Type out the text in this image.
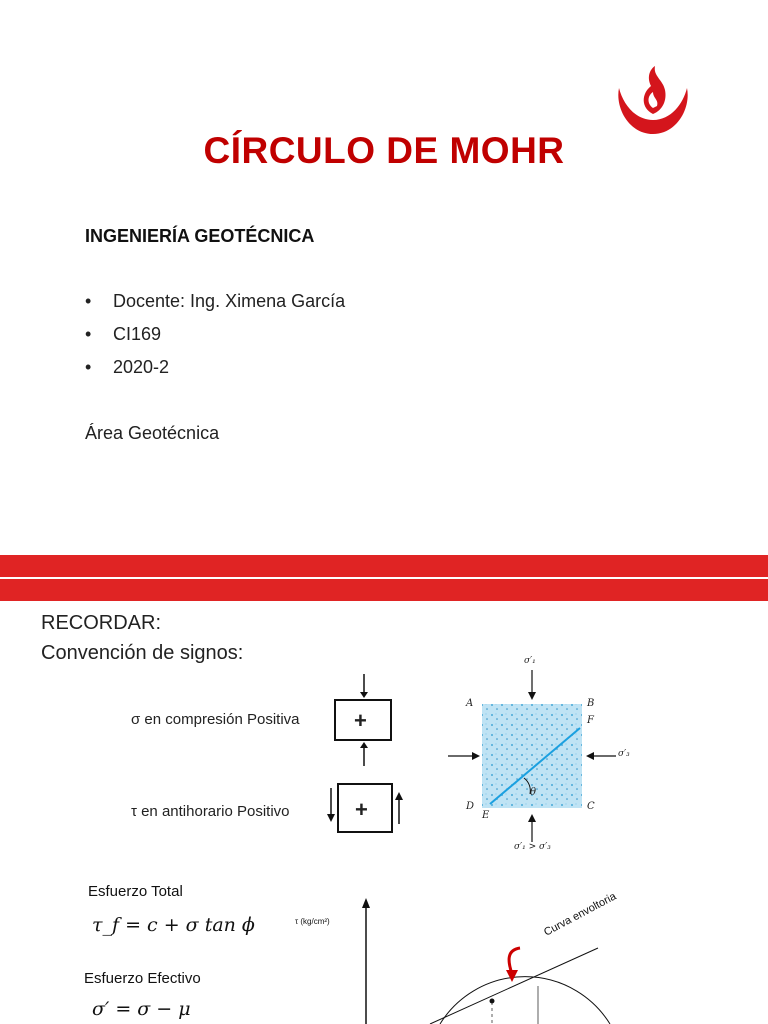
CÍRCULO DE MOHR
INGENIERÍA GEOTÉCNICA
• Docente: Ing. Ximena García
• CI169
• 2020-2
Área Geotécnica
RECORDAR:
Convención de signos:
σ en compresión Positiva +
τ en antihorario Positivo	+
σ′₁
A	B
F
σ′₃
θ
D
E
C
σ′₁ > σ′₃
Esfuerzo Total
τ_f = c + σ tan ϕ
Esfuerzo Efectivo
σ′ = σ − μ
τ (kg/cm²)	Curva envoltoria
